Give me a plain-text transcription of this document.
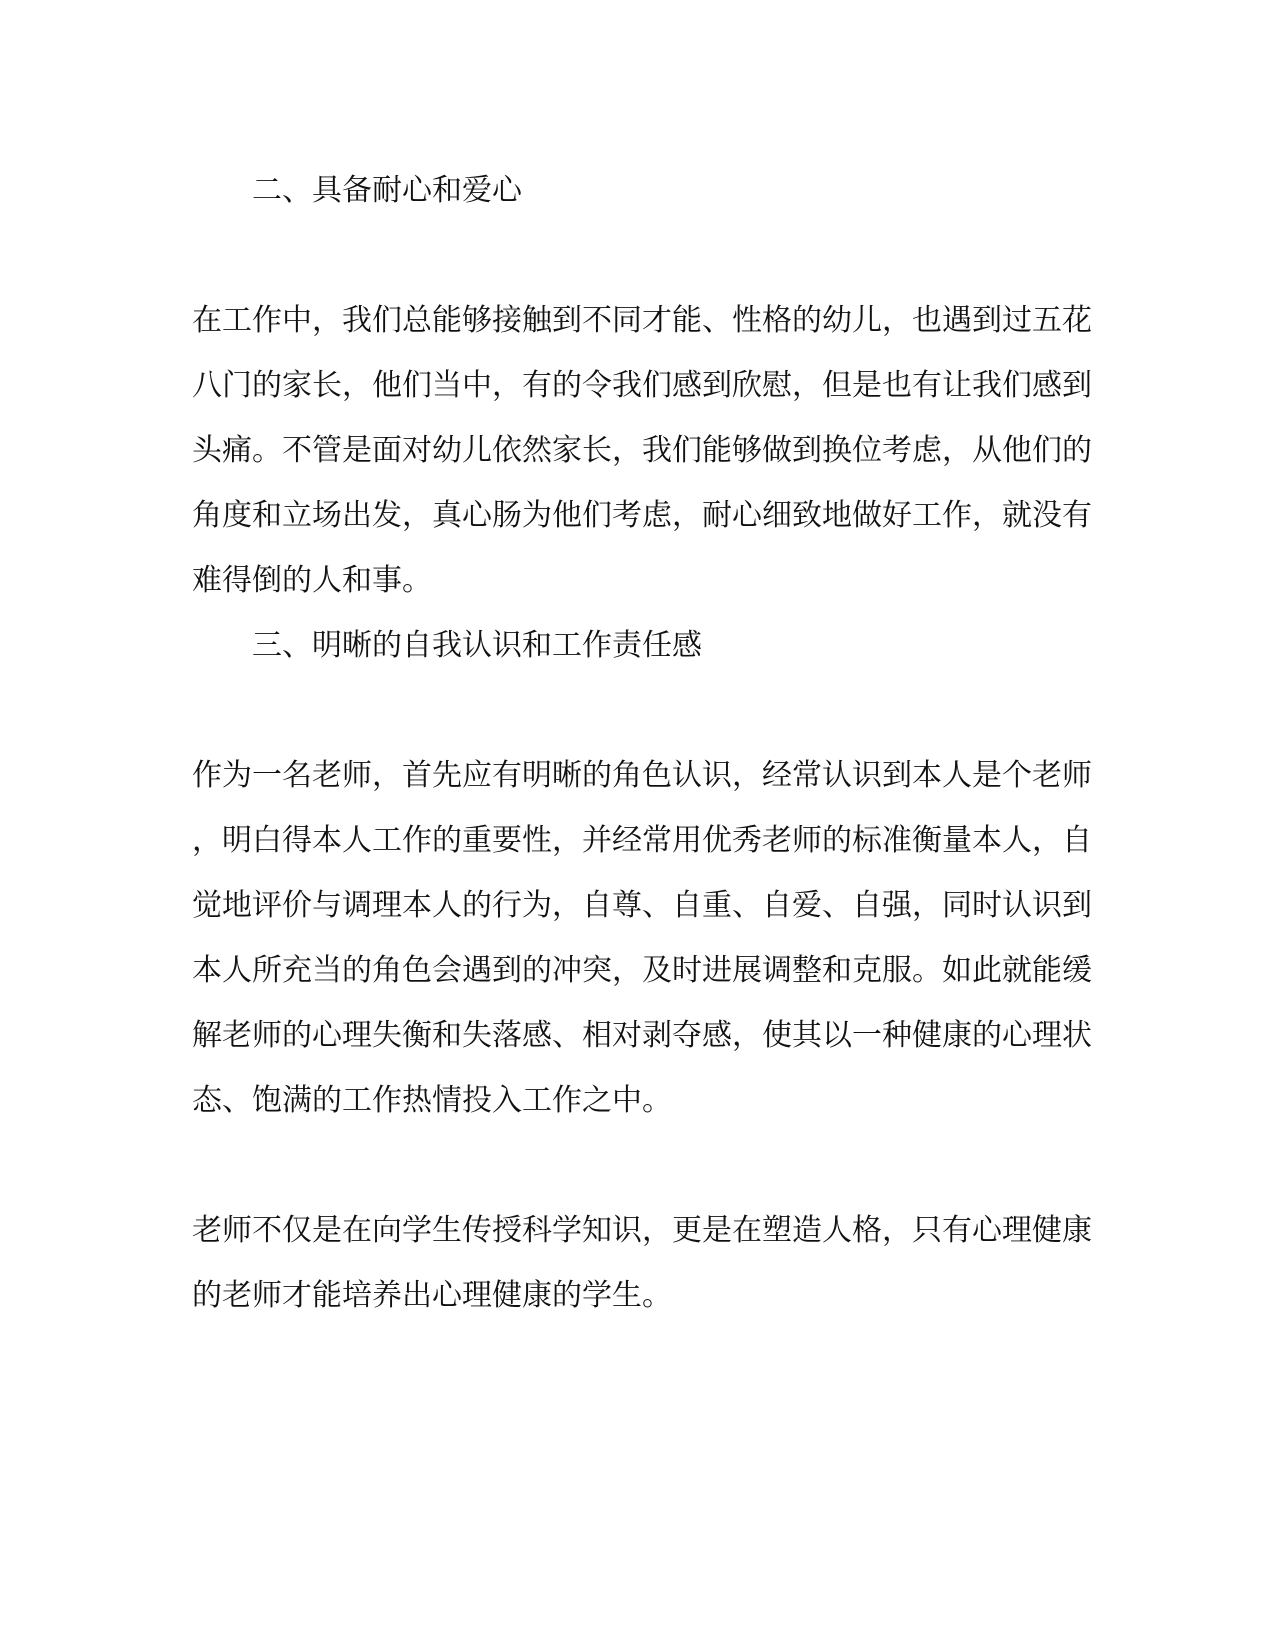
二、具备耐心和爱心
在工作中，我们总能够接触到不同才能、性格的幼儿，也遇到过五花
八门的家长，他们当中，有的令我们感到欣慰，但是也有让我们感到
头痛。不管是面对幼儿依然家长，我们能够做到换位考虑，从他们的
角度和立场出发，真心肠为他们考虑，耐心细致地做好工作，就没有
难得倒的人和事。
三、明晰的自我认识和工作责任感
作为一名老师，首先应有明晰的角色认识，经常认识到本人是个老师
，明白得本人工作的重要性，并经常用优秀老师的标准衡量本人，自
觉地评价与调理本人的行为，自尊、自重、自爱、自强，同时认识到
本人所充当的角色会遇到的冲突，及时进展调整和克服。如此就能缓
解老师的心理失衡和失落感、相对剥夺感，使其以一种健康的心理状
态、饱满的工作热情投入工作之中。
老师不仅是在向学生传授科学知识，更是在塑造人格，只有心理健康
的老师才能培养出心理健康的学生。
